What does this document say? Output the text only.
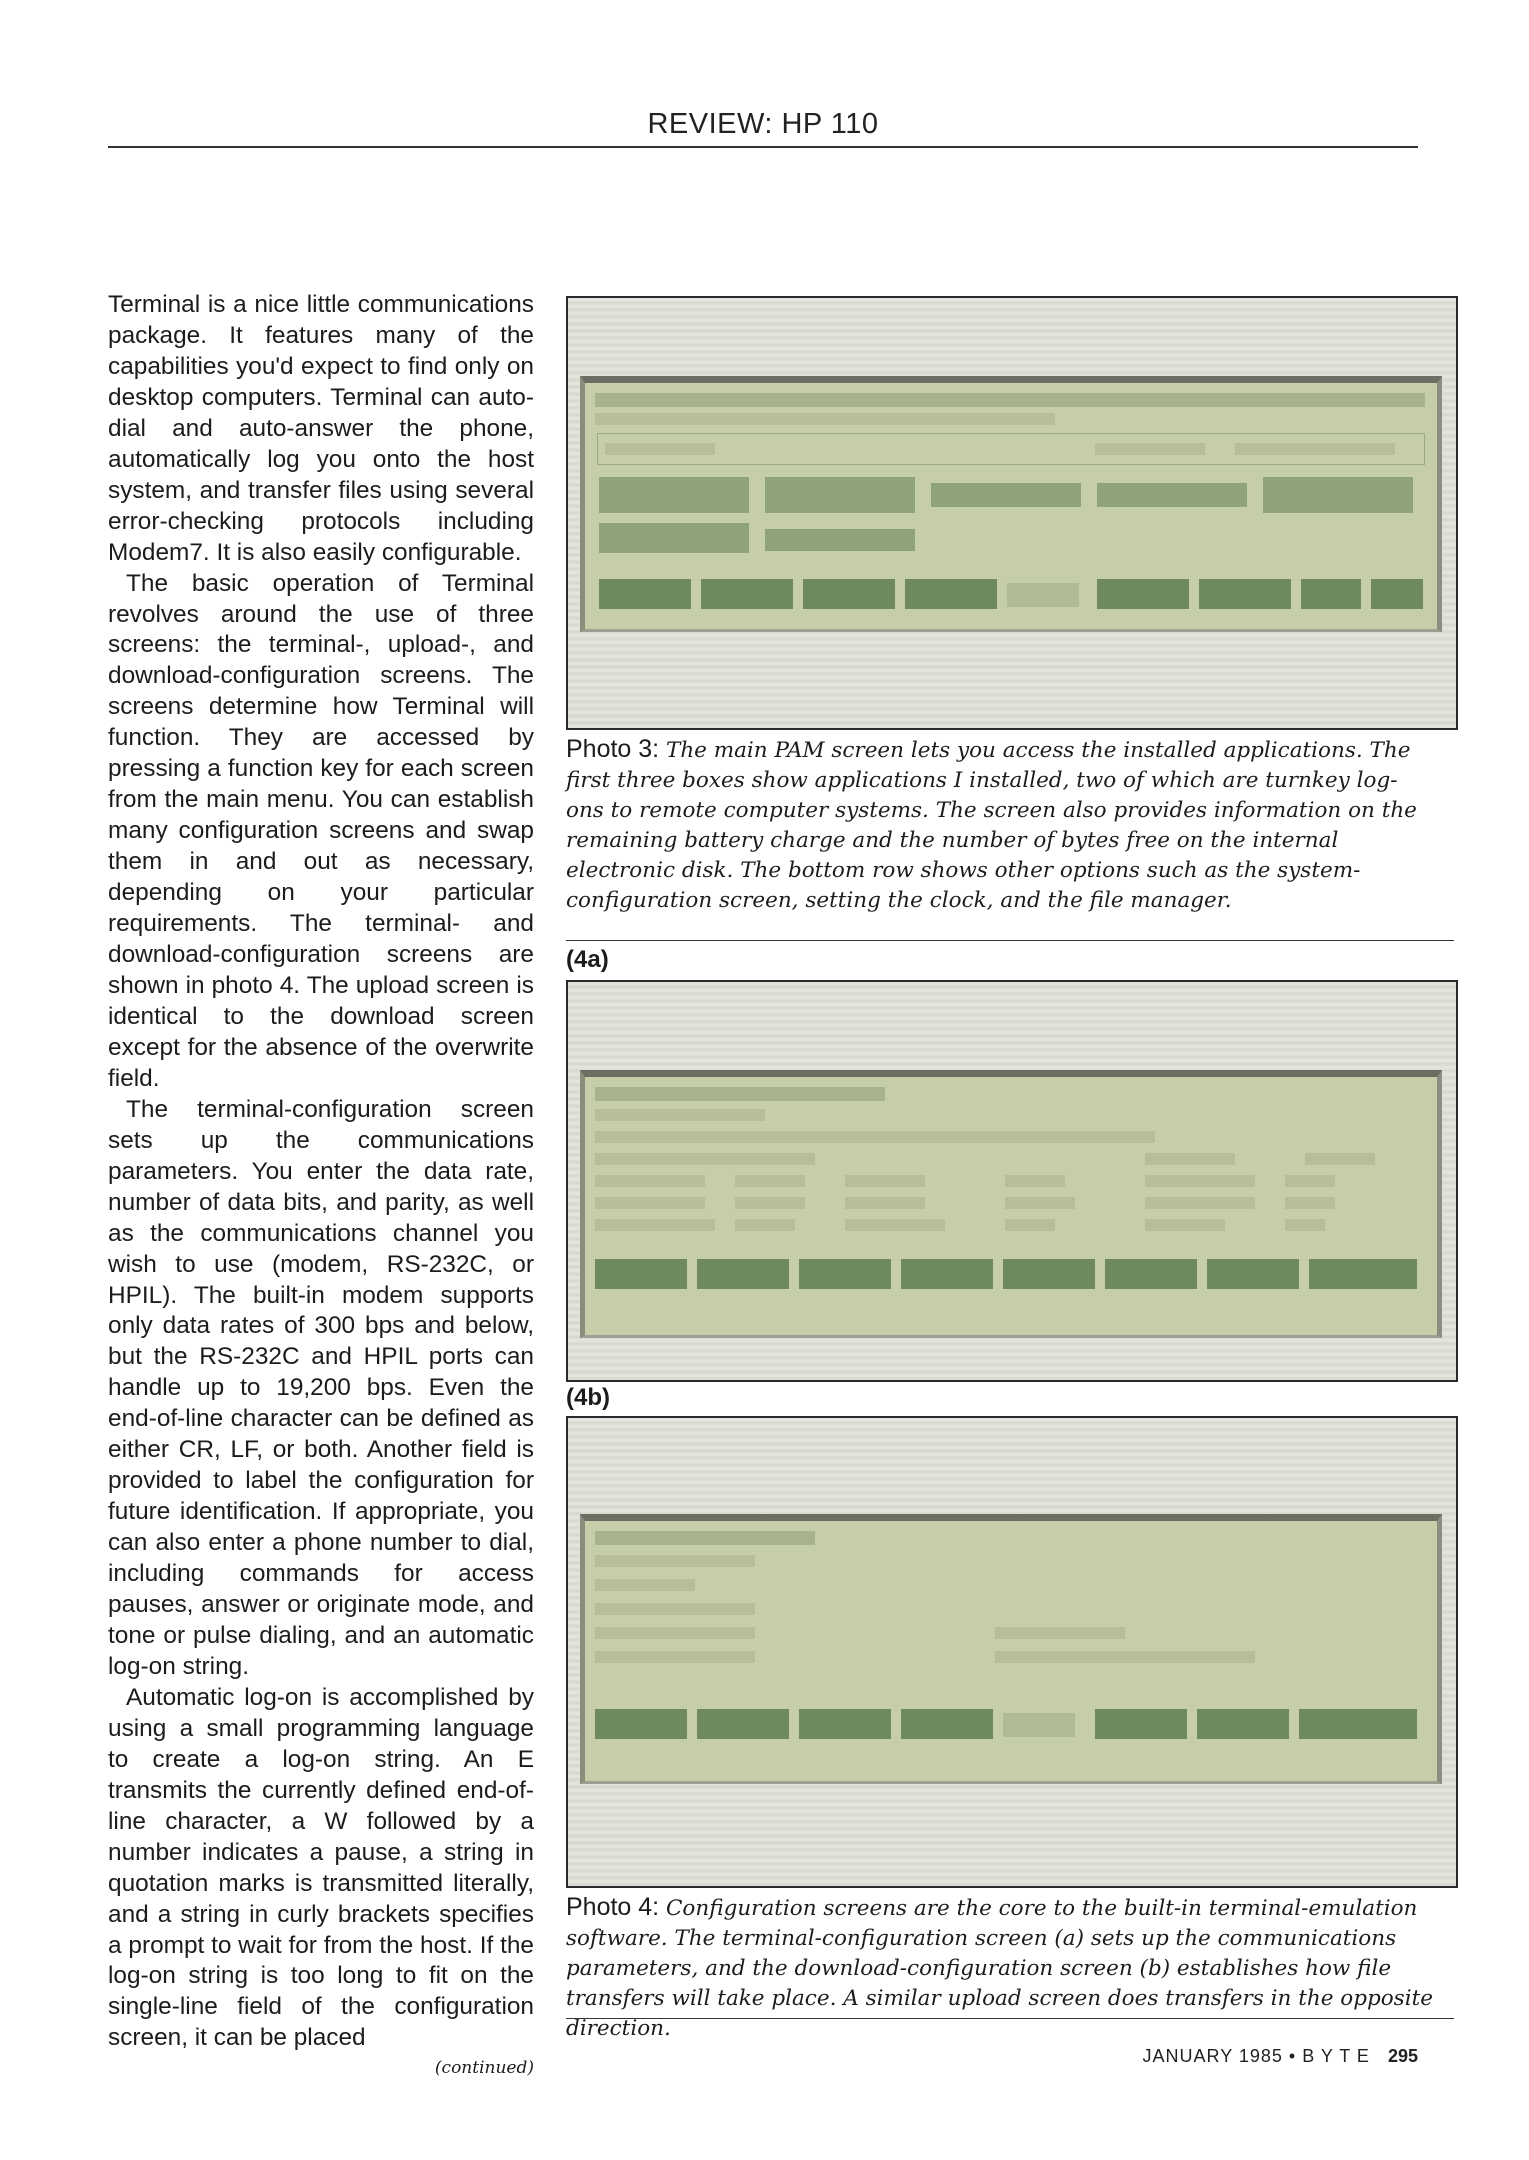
REVIEW: HP 110

Terminal is a nice little communications package. It features many of the capabilities you'd expect to find only on desktop computers. Terminal can auto-dial and auto-answer the phone, automatically log you onto the host system, and transfer files using several error-checking protocols including Modem7. It is also easily configurable.

The basic operation of Terminal revolves around the use of three screens: the terminal-, upload-, and download-configuration screens. The screens determine how Terminal will function. They are accessed by pressing a function key for each screen from the main menu. You can establish many configuration screens and swap them in and out as necessary, depending on your particular requirements. The terminal- and download-configuration screens are shown in photo 4. The upload screen is identical to the download screen except for the absence of the overwrite field.

The terminal-configuration screen sets up the communications parameters. You enter the data rate, number of data bits, and parity, as well as the communications channel you wish to use (modem, RS-232C, or HPIL). The built-in modem supports only data rates of 300 bps and below, but the RS-232C and HPIL ports can handle up to 19,200 bps. Even the end-of-line character can be defined as either CR, LF, or both. Another field is provided to label the configuration for future identification. If appropriate, you can also enter a phone number to dial, including commands for access pauses, answer or originate mode, and tone or pulse dialing, and an automatic log-on string.

Automatic log-on is accomplished by using a small programming language to create a log-on string. An E transmits the currently defined end-of-line character, a W followed by a number indicates a pause, a string in quotation marks is transmitted literally, and a string in curly brackets specifies a prompt to wait for from the host. If the log-on string is too long to fit on the single-line field of the configuration screen, it can be placed

(continued)
Photo 3: The main PAM screen lets you access the installed applications. The first three boxes show applications I installed, two of which are turnkey log-ons to remote computer systems. The screen also provides information on the remaining battery charge and the number of bytes free on the internal electronic disk. The bottom row shows other options such as the system-configuration screen, setting the clock, and the file manager.
(4a)
(4b)
Photo 4: Configuration screens are the core to the built-in terminal-emulation software. The terminal-configuration screen (a) sets up the communications parameters, and the download-configuration screen (b) establishes how file transfers will take place. A similar upload screen does transfers in the opposite direction.
JANUARY 1985 • B Y T E 295
